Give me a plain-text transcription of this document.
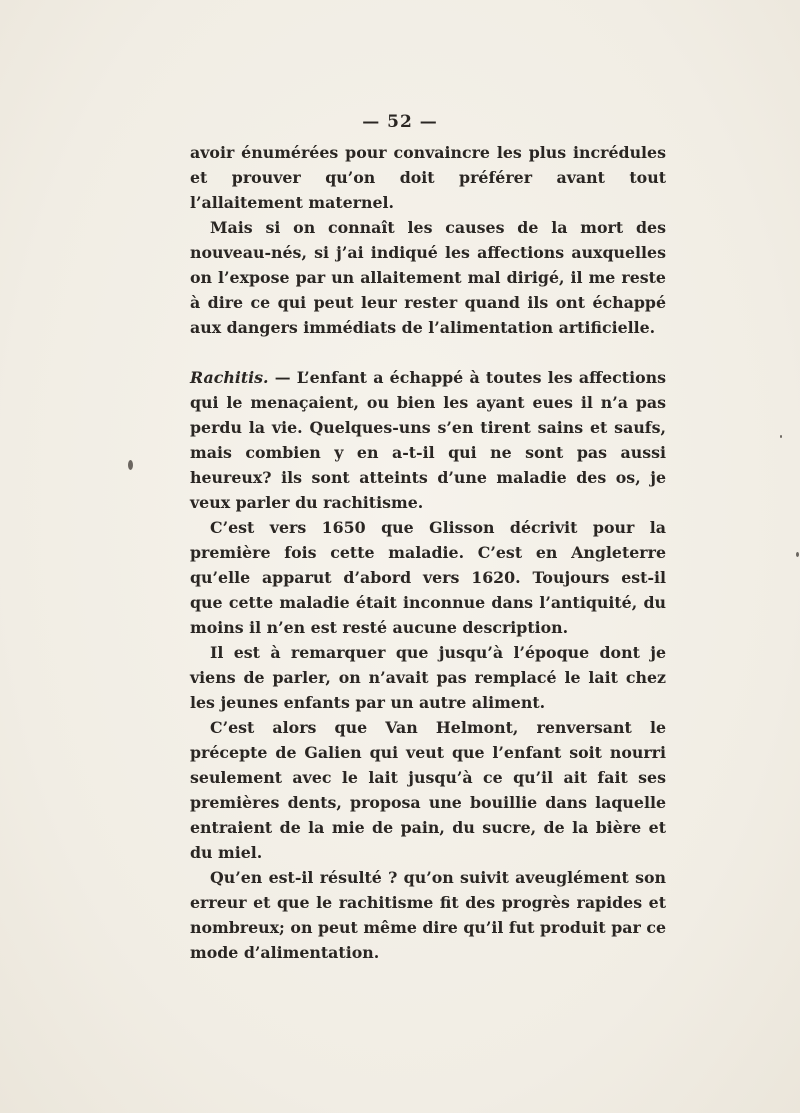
— 52 —

avoir énumérées pour convaincre les plus incrédules et prouver qu’on doit préférer avant tout l’allaitement maternel.

Mais si on connaît les causes de la mort des nouveau-nés, si j’ai indiqué les affections auxquelles on l’expose par un allaitement mal dirigé, il me reste à dire ce qui peut leur rester quand ils ont échappé aux dangers immédiats de l’alimentation artificielle.

Rachitis. — L’enfant a échappé à toutes les affections qui le menaçaient, ou bien les ayant eues il n’a pas perdu la vie. Quelques-uns s’en tirent sains et saufs, mais combien y en a-t-il qui ne sont pas aussi heureux? ils sont atteints d’une maladie des os, je veux parler du rachitisme.

C’est vers 1650 que Glisson décrivit pour la première fois cette maladie. C’est en Angleterre qu’elle apparut d’abord vers 1620. Toujours est-il que cette maladie était inconnue dans l’antiquité, du moins il n’en est resté aucune description.

Il est à remarquer que jusqu’à l’époque dont je viens de parler, on n’avait pas remplacé le lait chez les jeunes enfants par un autre aliment.

C’est alors que Van Helmont, renversant le précepte de Galien qui veut que l’enfant soit nourri seulement avec le lait jusqu’à ce qu’il ait fait ses premières dents, proposa une bouillie dans laquelle entraient de la mie de pain, du sucre, de la bière et du miel.

Qu’en est-il résulté ? qu’on suivit aveuglément son erreur et que le rachitisme fit des progrès rapides et nombreux; on peut même dire qu’il fut produit par ce mode d’alimentation.
